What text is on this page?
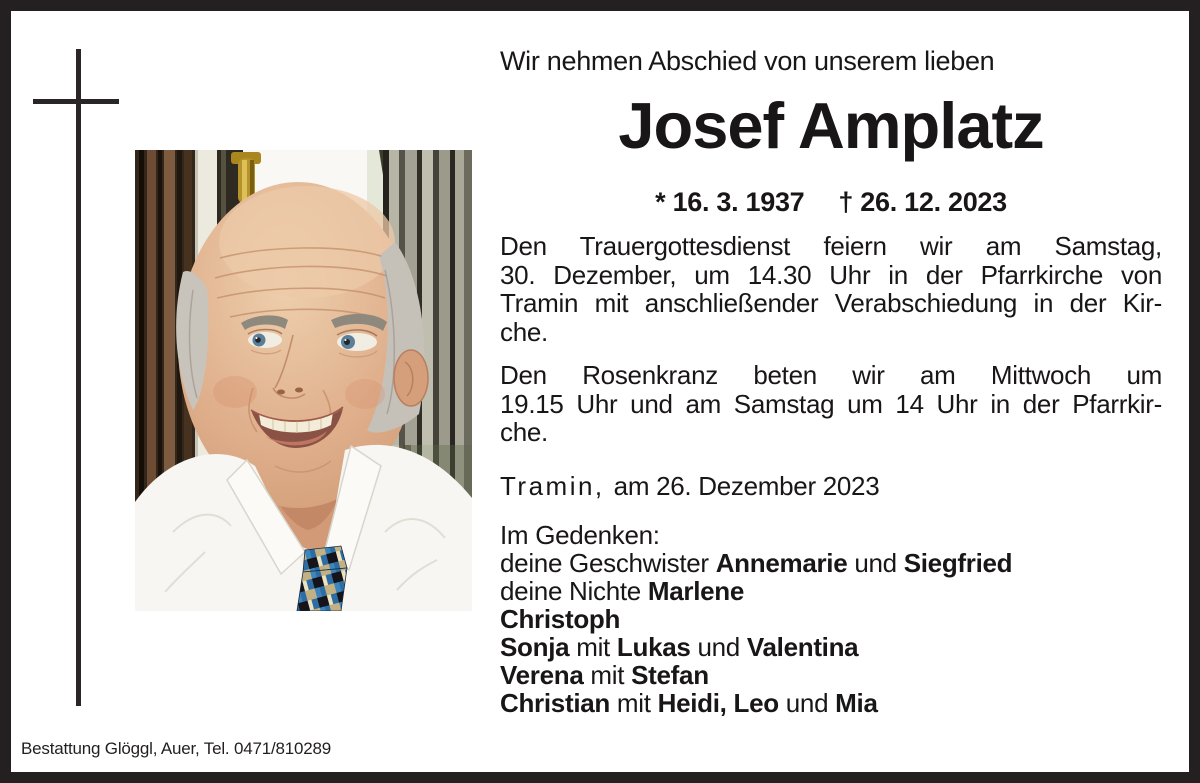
Wir nehmen Abschied von unserem lieben
Josef Amplatz
* 16. 3. 1937 † 26. 12. 2023
Den Trauergottesdienst feiern wir am Samstag,
30. Dezember, um 14.30 Uhr in der Pfarrkirche von
Tramin mit anschließender Verabschiedung in der Kir-
che.
Den Rosenkranz beten wir am Mittwoch um
19.15 Uhr und am Samstag um 14 Uhr in der Pfarrkir-
che.
Tramin, am 26. Dezember 2023
Im Gedenken:
deine Geschwister Annemarie und Siegfried
deine Nichte Marlene
Christoph
Sonja mit Lukas und Valentina
Verena mit Stefan
Christian mit Heidi, Leo und Mia
Bestattung Glöggl, Auer, Tel. 0471/810289
